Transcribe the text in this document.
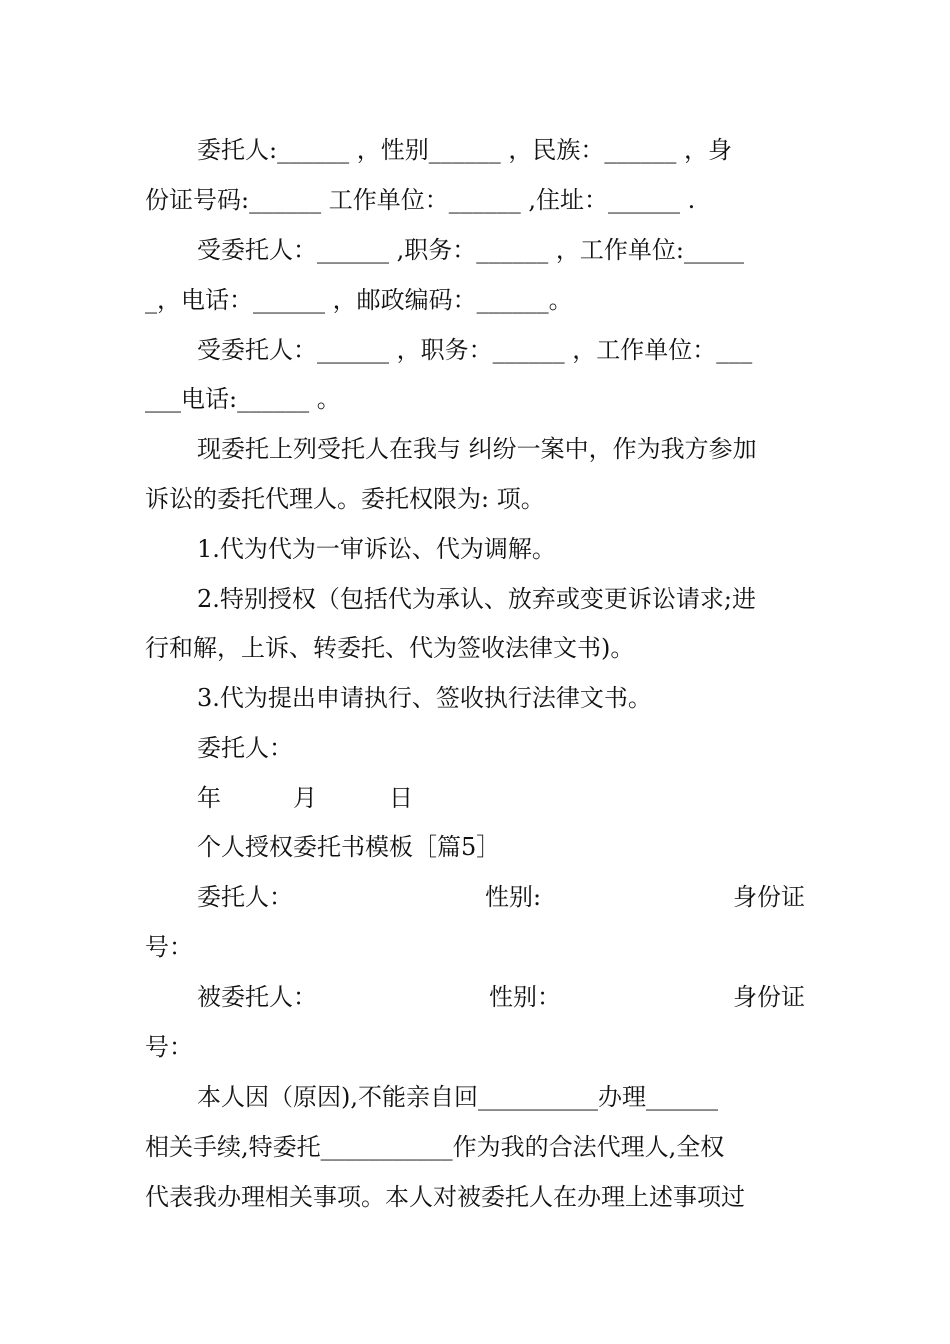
委托人:______ ，性别______ ，民族：______ ，身
份证号码:______ 工作单位：______ ,住址：______ .
受委托人：______ ,职务：______ ，工作单位:_____
_，电话：______ ，邮政编码：______。
受委托人：______ ，职务：______ ，工作单位：___
___电话:______ 。
现委托上列受托人在我与 纠纷一案中，作为我方参加
诉讼的委托代理人。委托权限为: 项。
1.代为代为一审诉讼、代为调解。
2.特别授权（包括代为承认、放弃或变更诉讼请求;进
行和解，上诉、转委托、代为签收法律文书)。
3.代为提出申请执行、签收执行法律文书。
委托人：
年　　　月　　　日
个人授权委托书模板［篇5］
委托人：	性别:	身份证
号：
被委托人：	性别：	身份证
号：
本人因（原因),不能亲自回__________办理______
相关手续,特委托___________作为我的合法代理人,全权
代表我办理相关事项。本人对被委托人在办理上述事项过
